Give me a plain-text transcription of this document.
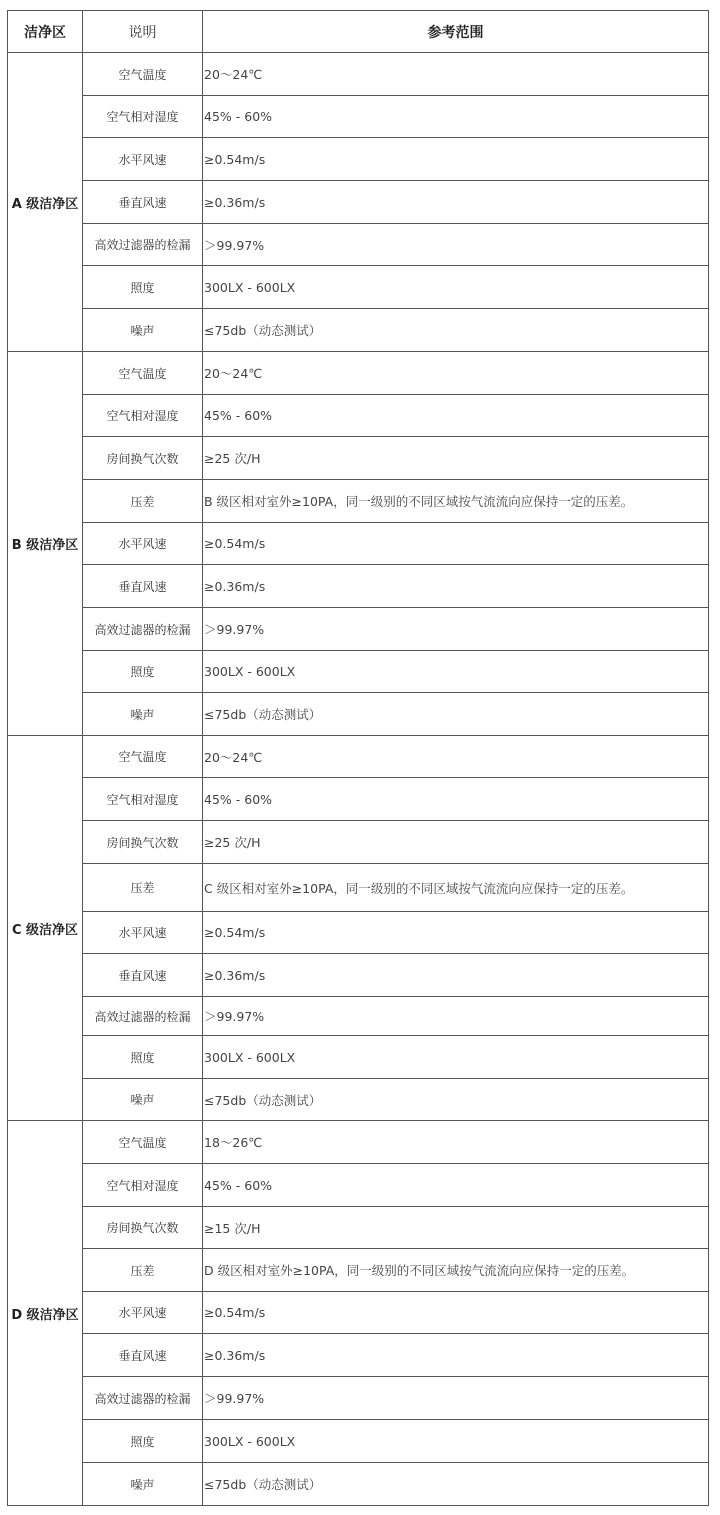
洁净区	说明	参考范围
A 级洁净区	空气温度	20～24℃
	空气相对湿度	45% - 60%
	水平风速	≥0.54m/s
	垂直风速	≥0.36m/s
	高效过滤器的检漏	＞99.97%
	照度	300LX - 600LX
	噪声	≤75db（动态测试）
B 级洁净区	空气温度	20～24℃
	空气相对湿度	45% - 60%
	房间换气次数	≥25 次/H
	压差	B 级区相对室外≥10PA，同一级别的不同区域按气流流向应保持一定的压差。
	水平风速	≥0.54m/s
	垂直风速	≥0.36m/s
	高效过滤器的检漏	＞99.97%
	照度	300LX - 600LX
	噪声	≤75db（动态测试）
C 级洁净区	空气温度	20～24℃
	空气相对湿度	45% - 60%
	房间换气次数	≥25 次/H
	压差	C 级区相对室外≥10PA，同一级别的不同区域按气流流向应保持一定的压差。
	水平风速	≥0.54m/s
	垂直风速	≥0.36m/s
	高效过滤器的检漏	＞99.97%
	照度	300LX - 600LX
	噪声	≤75db（动态测试）
D 级洁净区	空气温度	18～26℃
	空气相对湿度	45% - 60%
	房间换气次数	≥15 次/H
	压差	D 级区相对室外≥10PA，同一级别的不同区域按气流流向应保持一定的压差。
	水平风速	≥0.54m/s
	垂直风速	≥0.36m/s
	高效过滤器的检漏	＞99.97%
	照度	300LX - 600LX
	噪声	≤75db（动态测试）
